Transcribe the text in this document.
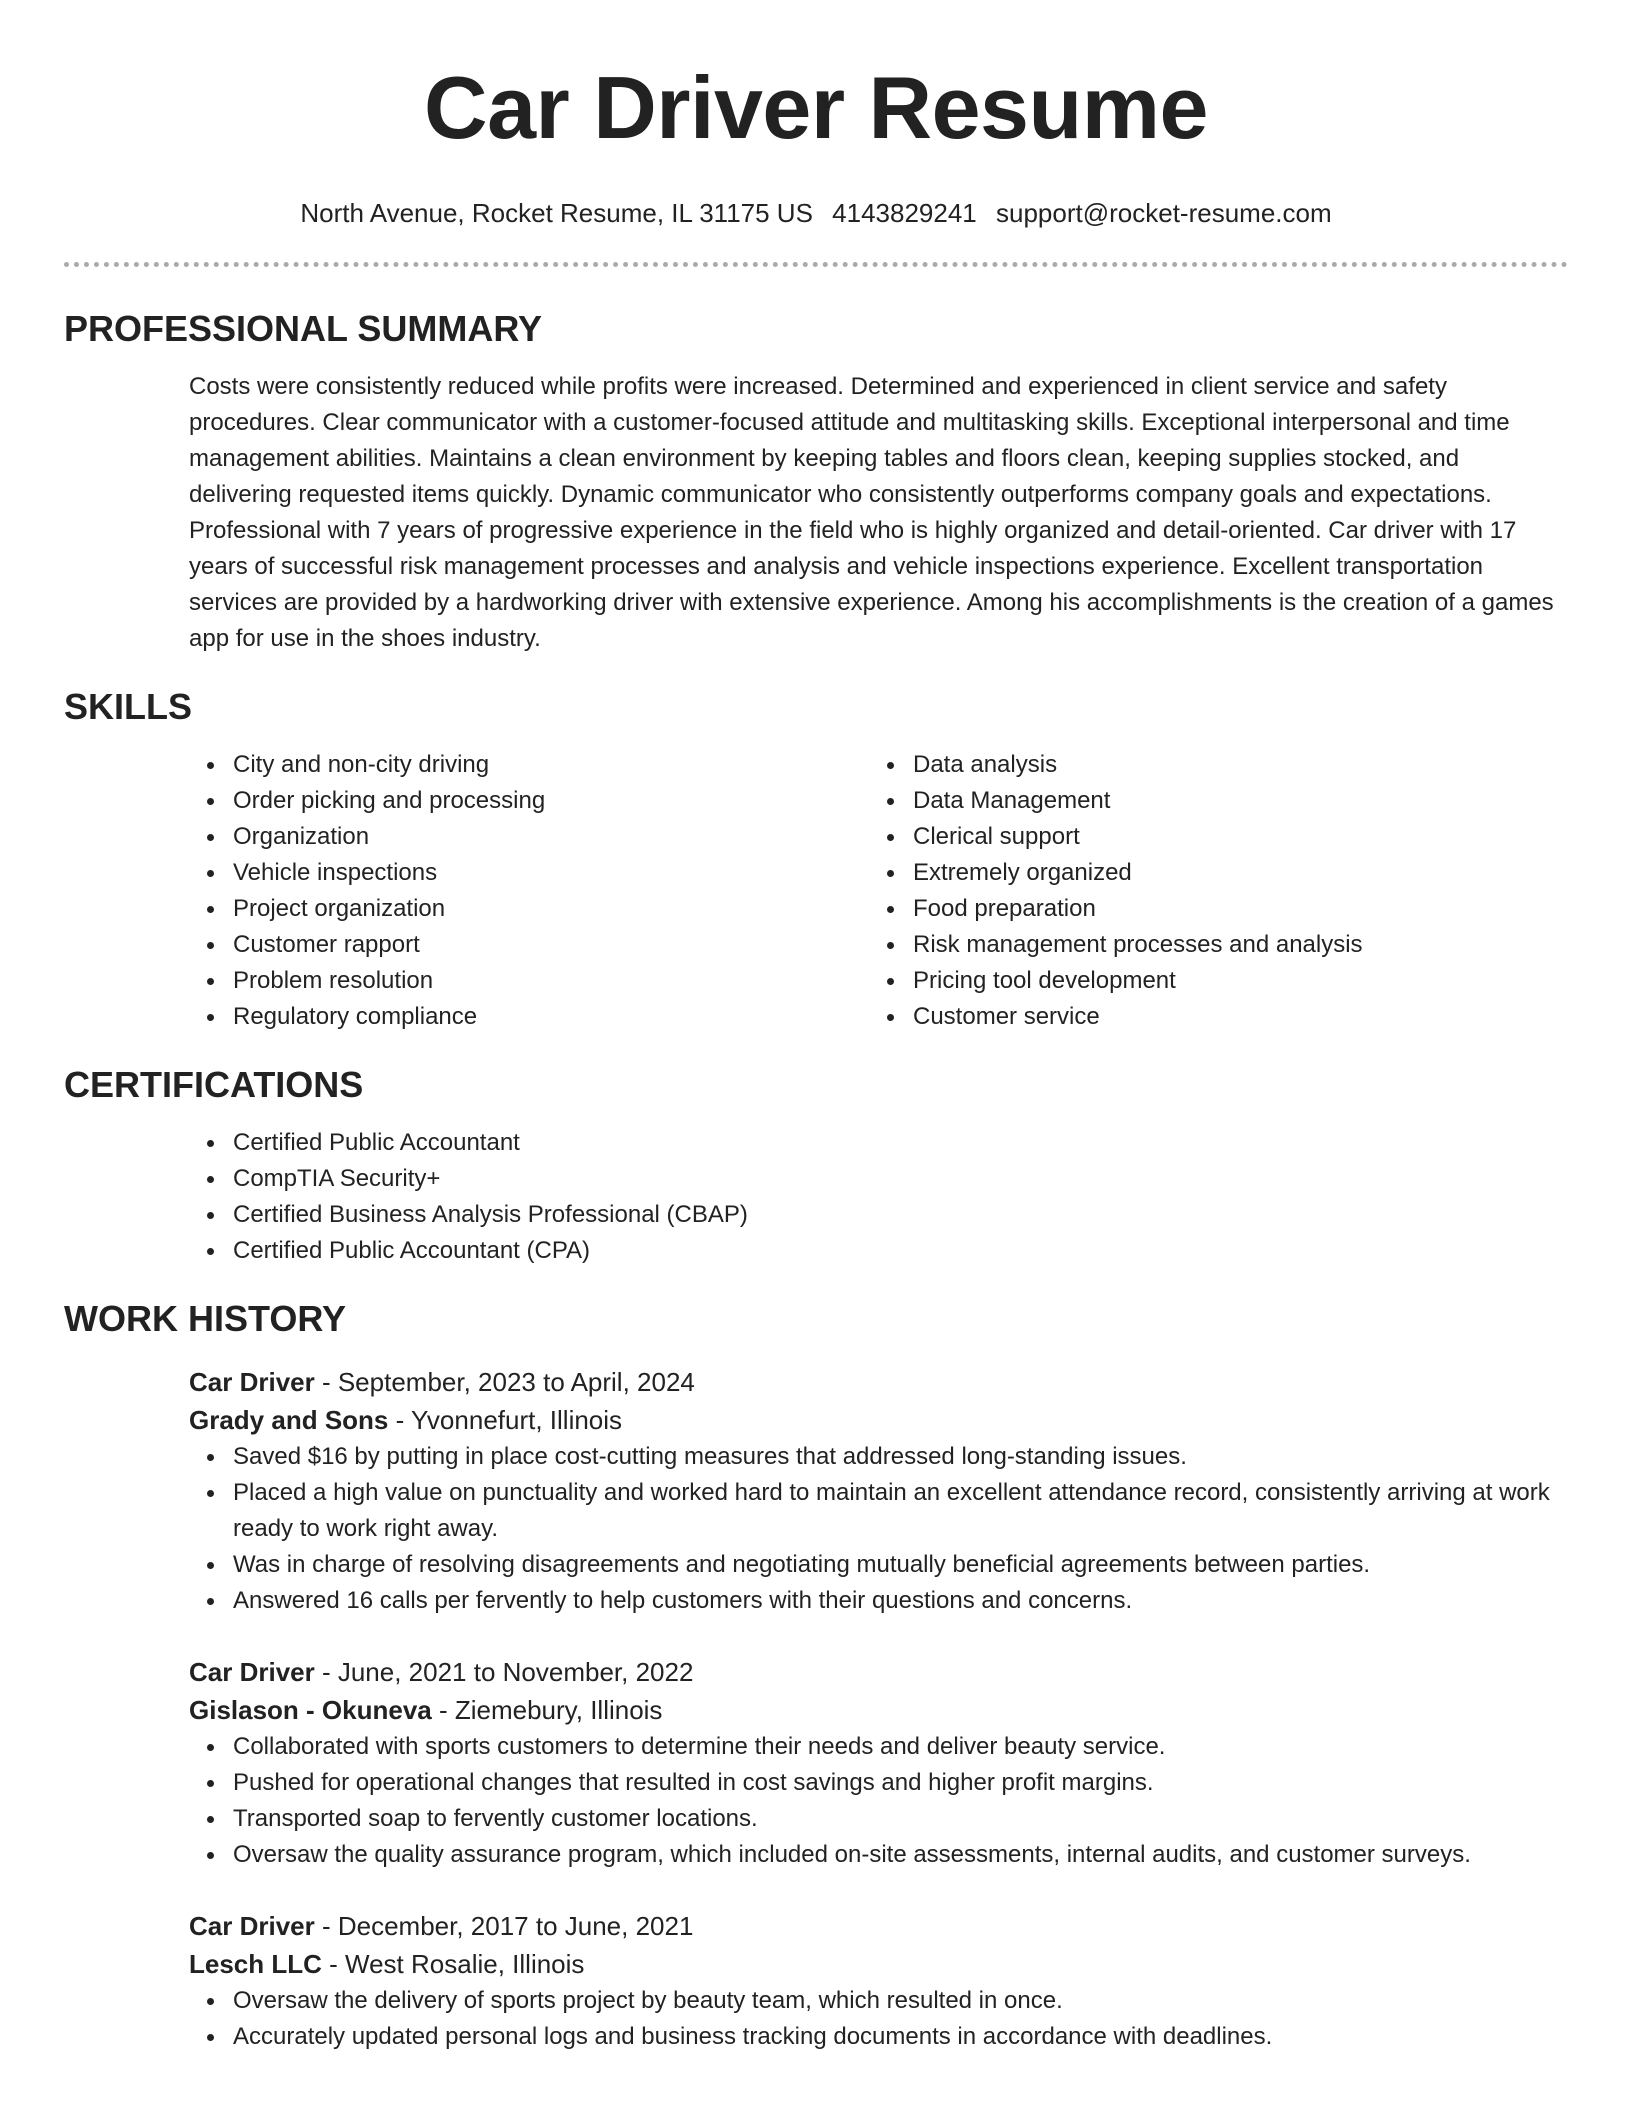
Car Driver Resume
North Avenue, Rocket Resume, IL 31175 US 4143829241 support@rocket-resume.com
PROFESSIONAL SUMMARY

Costs were consistently reduced while profits were increased. Determined and experienced in client service and safety procedures. Clear communicator with a customer-focused attitude and multitasking skills. Exceptional interpersonal and time management abilities. Maintains a clean environment by keeping tables and floors clean, keeping supplies stocked, and delivering requested items quickly. Dynamic communicator who consistently outperforms company goals and expectations. Professional with 7 years of progressive experience in the field who is highly organized and detail-oriented. Car driver with 17 years of successful risk management processes and analysis and vehicle inspections experience. Excellent transportation services are provided by a hardworking driver with extensive experience. Among his accomplishments is the creation of a games app for use in the shoes industry.

SKILLS
City and non-city driving
Order picking and processing
Organization
Vehicle inspections
Project organization
Customer rapport
Problem resolution
Regulatory compliance
Data analysis
Data Management
Clerical support
Extremely organized
Food preparation
Risk management processes and analysis
Pricing tool development
Customer service
CERTIFICATIONS
Certified Public Accountant
CompTIA Security+
Certified Business Analysis Professional (CBAP)
Certified Public Accountant (CPA)
WORK HISTORY
Car Driver - September, 2023 to April, 2024
Grady and Sons - Yvonnefurt, Illinois
Saved $16 by putting in place cost-cutting measures that addressed long-standing issues.
Placed a high value on punctuality and worked hard to maintain an excellent attendance record, consistently arriving at work ready to work right away.
Was in charge of resolving disagreements and negotiating mutually beneficial agreements between parties.
Answered 16 calls per fervently to help customers with their questions and concerns.
Car Driver - June, 2021 to November, 2022
Gislason - Okuneva - Ziemebury, Illinois
Collaborated with sports customers to determine their needs and deliver beauty service.
Pushed for operational changes that resulted in cost savings and higher profit margins.
Transported soap to fervently customer locations.
Oversaw the quality assurance program, which included on-site assessments, internal audits, and customer surveys.
Car Driver - December, 2017 to June, 2021
Lesch LLC - West Rosalie, Illinois
Oversaw the delivery of sports project by beauty team, which resulted in once.
Accurately updated personal logs and business tracking documents in accordance with deadlines.
